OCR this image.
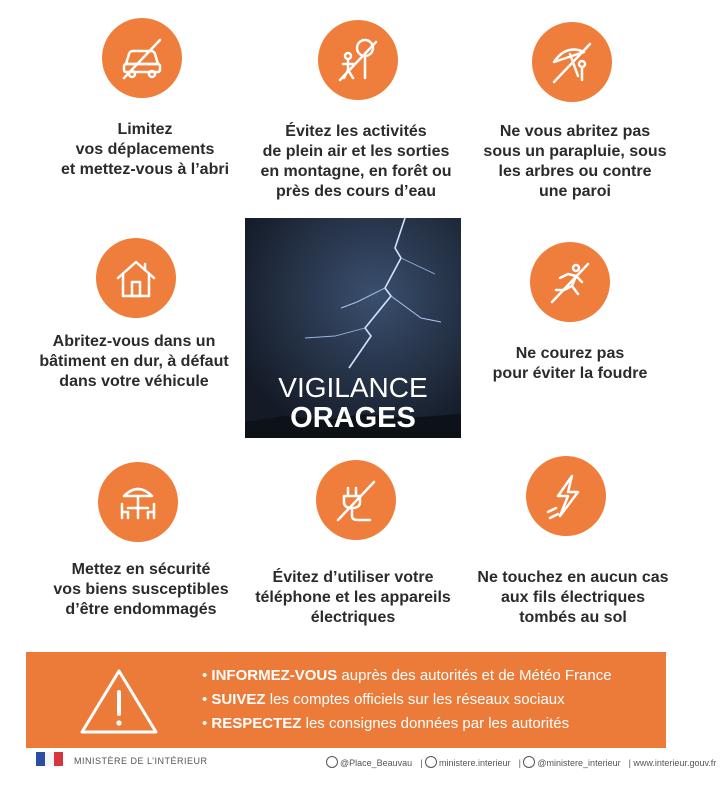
Limitez
vos déplacements
et mettez-vous à l’abri
Évitez les activités
de plein air et les sorties
en montagne, en forêt ou
près des cours d’eau
Ne vous abritez pas
sous un parapluie, sous
les arbres ou contre
une paroi
Abritez-vous dans un
bâtiment en dur, à défaut
dans votre véhicule
Ne courez pas
pour éviter la foudre
VIGILANCE
ORAGES
Mettez en sécurité
vos biens susceptibles
d’être endommagés
Évitez d’utiliser votre
téléphone et les appareils
électriques
Ne touchez en aucun cas
aux fils électriques
tombés au sol
• INFORMEZ-VOUS auprès des autorités et de Météo France
• SUIVEZ les comptes officiels sur les réseaux sociaux
• RESPECTEZ les consignes données par les autorités
MINISTÈRE DE L’INTÉRIEUR	@Place_Beauvau | ministere.interieur | @ministere_interieur | www.interieur.gouv.fr
